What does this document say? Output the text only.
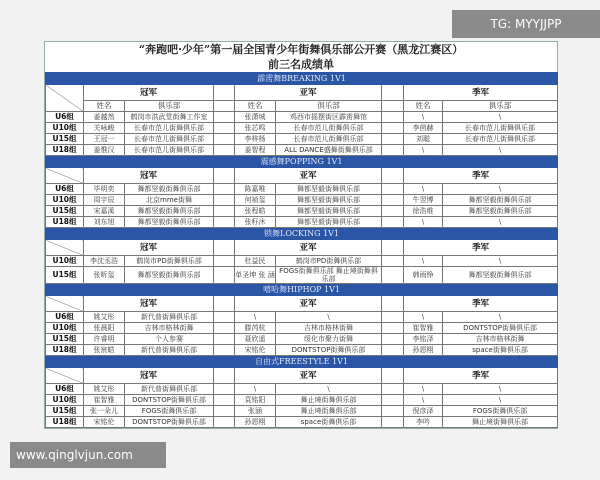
“奔跑吧·少年”第一届全国青少年街舞俱乐部公开赛（黑龙江赛区）
前三名成绩单
霹雳舞BREAKING 1V1								
	冠军			亚军			季军	
	姓名	俱乐部		姓名	俱乐部		姓名	俱乐部
U6组	姜越然	鹤岗市洪武堂街舞工作室		张潇城	鸡西市摇摆街区霹雳舞馆		\	\
U10组	关咏峻	长春市范儿街舞俱乐部		张芯鸣	长春市范儿街舞俱乐部		李茴赫	长春市范儿街舞俱乐部
U15组	王冠一	长春市范儿街舞俱乐部		李梓杨	长春市范儿街舞俱乐部		刘聪	长春市范儿街舞俱乐部
U18组	姜惟汉	长春市范儿街舞俱乐部		姜智程	ALL DANCE盛舞街舞俱乐部		\	\
震感舞POPPING 1V1								
	冠军			亚军			季军	
U6组	毕明奕	舞都坚毅街舞俱乐部		陈嘉唯	舞都坚毅街舞俱乐部		\	\
U10组	周宇辰	北京mme街舞		何祯玺	舞都坚毅街舞俱乐部		牛翌博	舞都坚毅街舞俱乐部
U15组	宋嘉溪	舞都坚毅街舞俱乐部		张程皓	舞都坚毅街舞俱乐部		徐浩维	舞都坚毅街舞俱乐部
U18组	刘东旭	舞都坚毅街舞俱乐部		张籽沐	舞都坚毅街舞俱乐部		\	\
锁舞LOCKING 1V1								
	冠军			亚军			季军	
U10组	李沈丞浩	鹤岗市PD街舞俱乐部		杜益民	鹤岗市PD街舞俱乐部		\	\
U15组	张昕玺	舞都坚毅街舞俱乐部		单圣坤 张 涵	FOGS街舞俱乐部 舞止境街舞俱乐部		韩雨铮	舞都坚毅街舞俱乐部
嘻哈舞HIPHOP 1V1								
	冠军			亚军			季军	
U6组	姚艾彤	新代普街舞俱乐部		\	\		\	\
U10组	张晨阳	吉林市格林街舞		滕芮杭	吉林市格林街舞		崔智雅	DONTSTOP街舞俱乐部
U15组	许睿明	个人参赛		聂欣遥	绥化市聚力街舞		李铭泽	吉林市格林街舞
U18组	张宸皓	新代普街舞俱乐部		宋铭伦	DONTSTOP街舞俱乐部		孙恩栩	space街舞俱乐部
自由式FREESTYLE 1V1								
	冠军			亚军			季军	
U6组	姚艾彤	新代普街舞俱乐部		\	\		\	\
U10组	崔智雅	DONTSTOP街舞俱乐部		袁铭阳	舞止境街舞俱乐部		\	\
U15组	张一朵儿	FOGS街舞俱乐部		张涵	舞止境街舞俱乐部		倪彦泽	FOGS街舞俱乐部
U18组	宋铭伦	DONTSTOP街舞俱乐部		孙恩栩	space街舞俱乐部		李吟	舞止境街舞俱乐部
TG: MYYJJPP
www.qinglvjun.com
